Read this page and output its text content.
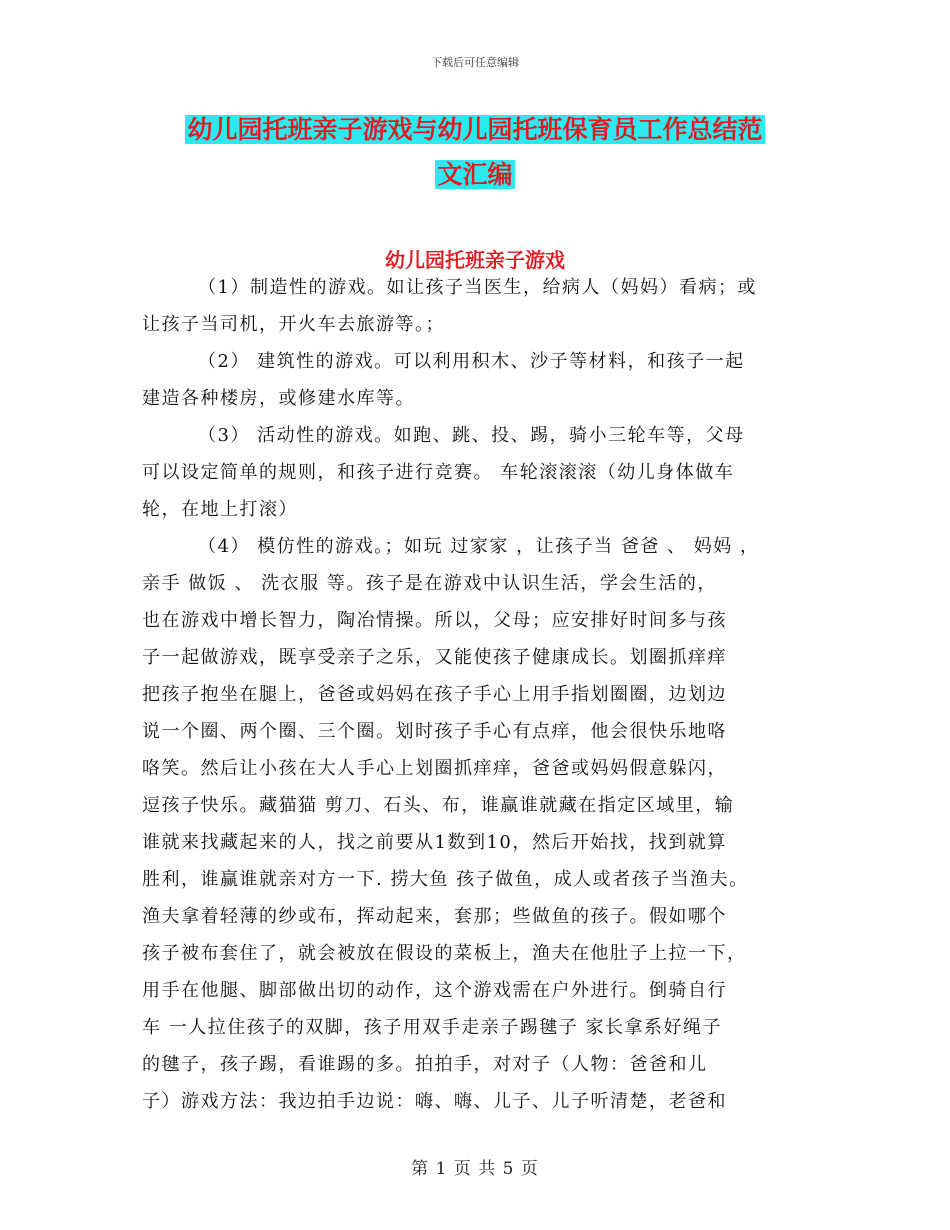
下载后可任意编辑
幼儿园托班亲子游戏与幼儿园托班保育员工作总结范
文汇编
幼儿园托班亲子游戏
（1）制造性的游戏。如让孩子当医生，给病人（妈妈）看病；或
让孩子当司机，开火车去旅游等。；
（2） 建筑性的游戏。可以利用积木、沙子等材料，和孩子一起
建造各种楼房，或修建水库等。
（3） 活动性的游戏。如跑、跳、投、踢，骑小三轮车等，父母
可以设定简单的规则，和孩子进行竞赛。 车轮滚滚滚（幼儿身体做车
轮，在地上打滚）
（4） 模仿性的游戏。；如玩 过家家 ，让孩子当 爸爸 、 妈妈 ，
亲手 做饭 、 洗衣服 等。孩子是在游戏中认识生活，学会生活的，
也在游戏中增长智力，陶冶情操。所以，父母；应安排好时间多与孩
子一起做游戏，既享受亲子之乐，又能使孩子健康成长。划圈抓痒痒
把孩子抱坐在腿上，爸爸或妈妈在孩子手心上用手指划圈圈，边划边
说一个圈、两个圈、三个圈。划时孩子手心有点痒，他会很快乐地咯
咯笑。然后让小孩在大人手心上划圈抓痒痒，爸爸或妈妈假意躲闪，
逗孩子快乐。藏猫猫 剪刀、石头、布，谁赢谁就藏在指定区域里，输
谁就来找藏起来的人，找之前要从1数到10，然后开始找，找到就算
胜利，谁赢谁就亲对方一下. 捞大鱼 孩子做鱼，成人或者孩子当渔夫。
渔夫拿着轻薄的纱或布，挥动起来，套那；些做鱼的孩子。假如哪个
孩子被布套住了，就会被放在假设的菜板上，渔夫在他肚子上拉一下，
用手在他腿、脚部做出切的动作，这个游戏需在户外进行。倒骑自行
车 一人拉住孩子的双脚，孩子用双手走亲子踢毽子 家长拿系好绳子
的毽子，孩子踢，看谁踢的多。拍拍手，对对子（人物：爸爸和儿
子）游戏方法：我边拍手边说：嗨、嗨、儿子、儿子听清楚，老爸和
第 1 页 共 5 页
